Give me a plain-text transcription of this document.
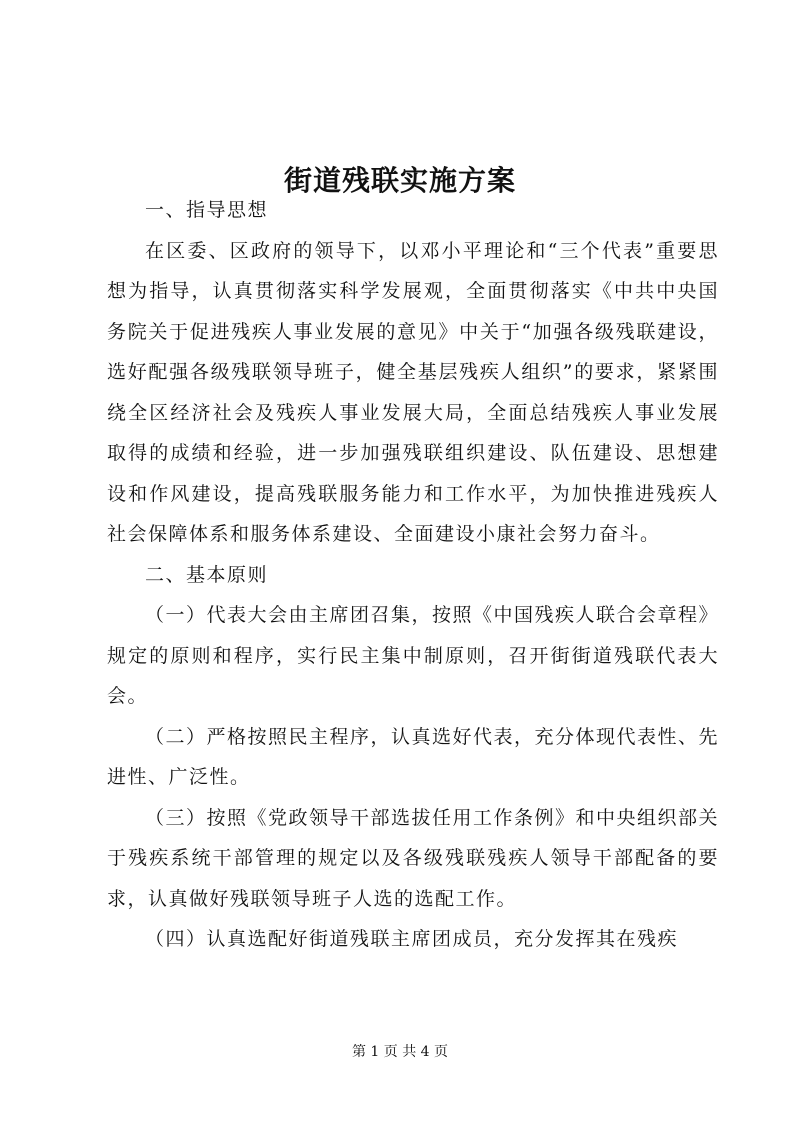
街道残联实施方案

一、指导思想

在区委、区政府的领导下，以邓小平理论和“三个代表”重要思想为指导，认真贯彻落实科学发展观，全面贯彻落实《中共中央国务院关于促进残疾人事业发展的意见》中关于“加强各级残联建设，选好配强各级残联领导班子，健全基层残疾人组织”的要求，紧紧围绕全区经济社会及残疾人事业发展大局，全面总结残疾人事业发展取得的成绩和经验，进一步加强残联组织建设、队伍建设、思想建设和作风建设，提高残联服务能力和工作水平，为加快推进残疾人社会保障体系和服务体系建设、全面建设小康社会努力奋斗。

二、基本原则

（一）代表大会由主席团召集，按照《中国残疾人联合会章程》规定的原则和程序，实行民主集中制原则，召开街街道残联代表大会。

（二）严格按照民主程序，认真选好代表，充分体现代表性、先进性、广泛性。

（三）按照《党政领导干部选拔任用工作条例》和中央组织部关于残疾系统干部管理的规定以及各级残联残疾人领导干部配备的要求，认真做好残联领导班子人选的选配工作。

（四）认真选配好街道残联主席团成员，充分发挥其在残疾

第 1 页 共 4 页
